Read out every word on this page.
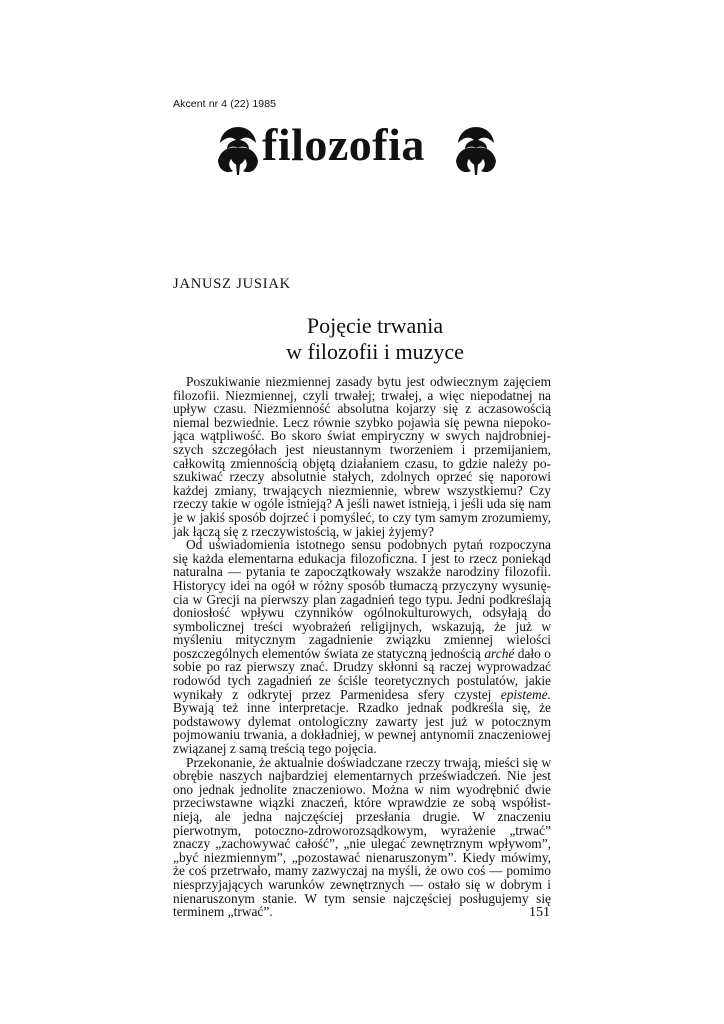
Akcent nr 4 (22) 1985
filozofia
JANUSZ JUSIAK
Pojęcie trwania
w filozofii i muzyce

Poszukiwanie niezmiennej zasady bytu jest odwiecznym zajęciem filozofii. Niezmiennej, czyli trwałej; trwałej, a więc niepodatnej na upływ czasu. Niezmienność absolutna kojarzy się z aczasowością niemal bezwiednie. Lecz równie szybko pojawia się pewna niepokojąca wątpliwość. Bo skoro świat empiryczny w swych najdrobniejszych szczegółach jest nieustannym tworzeniem i przemijaniem, całkowitą zmiennością objętą działaniem czasu, to gdzie należy poszukiwać rzeczy absolutnie stałych, zdolnych oprzeć się naporowi każdej zmiany, trwających niezmiennie, wbrew wszystkiemu? Czy rzeczy takie w ogóle istnieją? A jeśli nawet istnieją, i jeśli uda się nam je w jakiś sposób dojrzeć i pomyśleć, to czy tym samym zrozumiemy, jak łączą się z rzeczywistością, w jakiej żyjemy?

Od uświadomienia istotnego sensu podobnych pytań rozpoczyna się każda elementarna edukacja filozoficzna. I jest to rzecz poniekąd naturalna — pytania te zapoczątkowały wszakże narodziny filozofii. Historycy idei na ogół w różny sposób tłumaczą przyczyny wysunięcia w Grecji na pierwszy plan zagadnień tego typu. Jedni podkreślają doniosłość wpływu czynników ogólnokulturowych, odsyłają do symbolicznej treści wyobrażeń religijnych, wskazują, że już w myśleniu mitycznym zagadnienie związku zmiennej wielości poszczególnych elementów świata ze statyczną jednością arché dało o sobie po raz pierwszy znać. Drudzy skłonni są raczej wyprowadzać rodowód tych zagadnień ze ściśle teoretycznych postulatów, jakie wynikały z odkrytej przez Parmenidesa sfery czystej episteme. Bywają też inne interpretacje. Rzadko jednak podkreśla się, że podstawowy dylemat ontologiczny zawarty jest już w potocznym pojmowaniu trwania, a dokładniej, w pewnej antynomii znaczeniowej związanej z samą treścią tego pojęcia.

Przekonanie, że aktualnie doświadczane rzeczy trwają, mieści się w obrębie naszych najbardziej elementarnych przeświadczeń. Nie jest ono jednak jednolite znaczeniowo. Można w nim wyodrębnić dwie przeciwstawne wiązki znaczeń, które wprawdzie ze sobą współistnieją, ale jedna najczęściej przesłania drugie. W znaczeniu pierwotnym, potoczno-zdroworozsądkowym, wyrażenie „trwać” znaczy „zachowywać całość”, „nie ulegać zewnętrznym wpływom”, „być niezmiennym”, „pozostawać nienaruszonym”. Kiedy mówimy, że coś przetrwało, mamy zazwyczaj na myśli, że owo coś — pomimo niesprzyjających warunków zewnętrznych — ostało się w dobrym i nienaruszonym stanie. W tym sensie najczęściej posługujemy się terminem „trwać”.	151
